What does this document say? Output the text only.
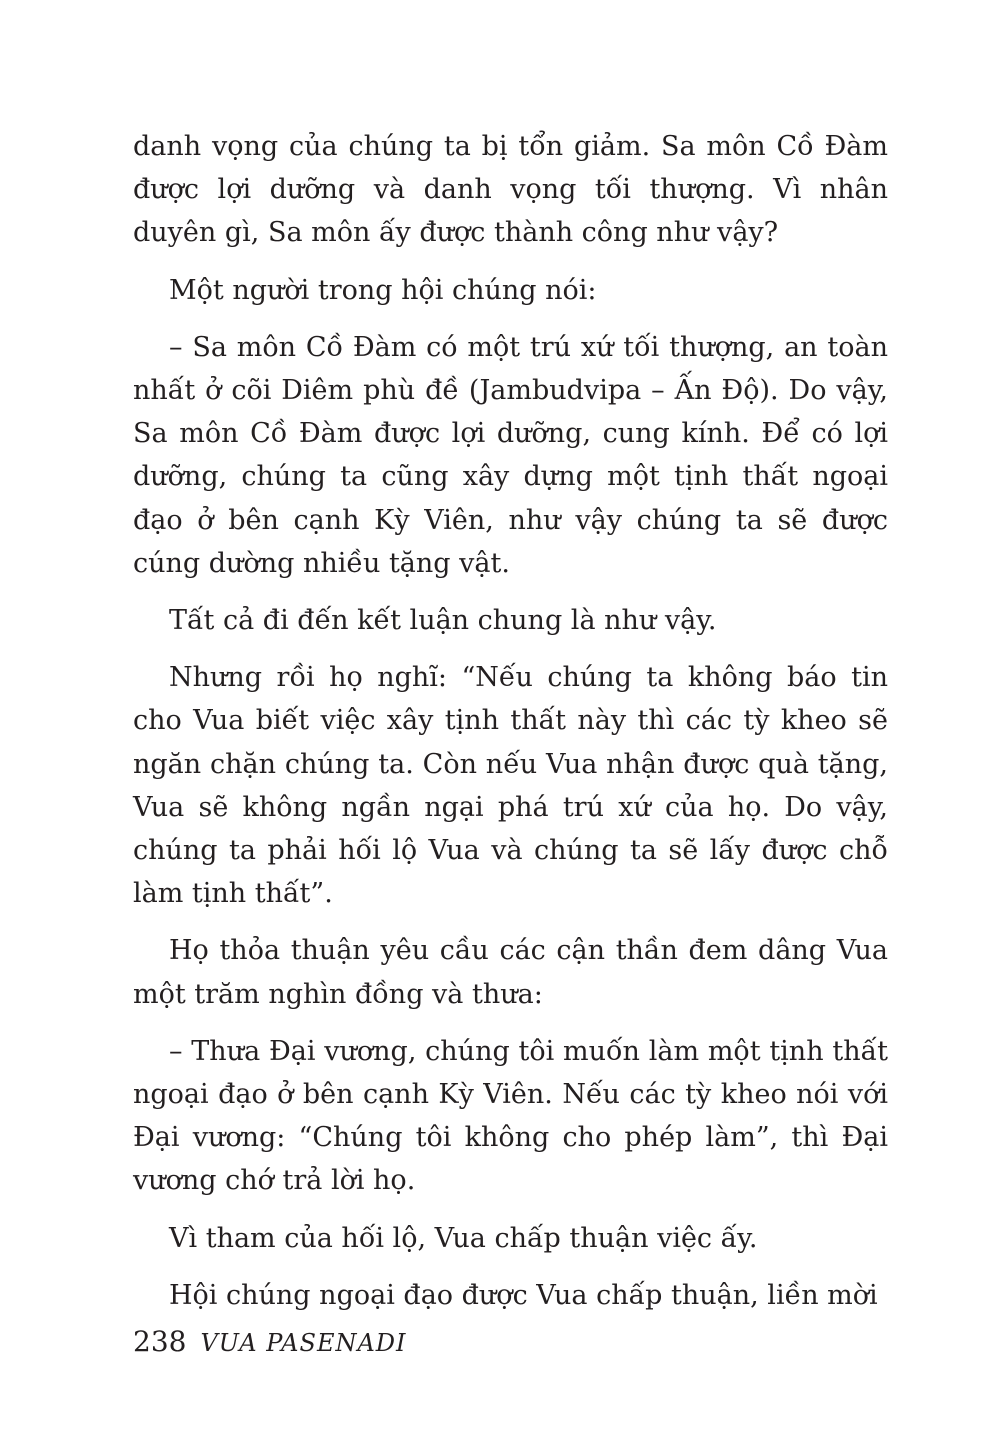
danh vọng của chúng ta bị tổn giảm. Sa môn Cồ Đàm được lợi dưỡng và danh vọng tối thượng. Vì nhân duyên gì, Sa môn ấy được thành công như vậy?

Một người trong hội chúng nói:

– Sa môn Cồ Đàm có một trú xứ tối thượng, an toàn nhất ở cõi Diêm phù đề (Jambudvipa – Ấn Độ). Do vậy, Sa môn Cồ Đàm được lợi dưỡng, cung kính. Để có lợi dưỡng, chúng ta cũng xây dựng một tịnh thất ngoại đạo ở bên cạnh Kỳ Viên, như vậy chúng ta sẽ được cúng dường nhiều tặng vật.

Tất cả đi đến kết luận chung là như vậy.

Nhưng rồi họ nghĩ: “Nếu chúng ta không báo tin cho Vua biết việc xây tịnh thất này thì các tỳ kheo sẽ ngăn chặn chúng ta. Còn nếu Vua nhận được quà tặng, Vua sẽ không ngần ngại phá trú xứ của họ. Do vậy, chúng ta phải hối lộ Vua và chúng ta sẽ lấy được chỗ làm tịnh thất”.

Họ thỏa thuận yêu cầu các cận thần đem dâng Vua một trăm nghìn đồng và thưa:

– Thưa Đại vương, chúng tôi muốn làm một tịnh thất ngoại đạo ở bên cạnh Kỳ Viên. Nếu các tỳ kheo nói với Đại vương: “Chúng tôi không cho phép làm”, thì Đại vương chớ trả lời họ.

Vì tham của hối lộ, Vua chấp thuận việc ấy.

Hội chúng ngoại đạo được Vua chấp thuận, liền mời

238 VUA PASENADI
